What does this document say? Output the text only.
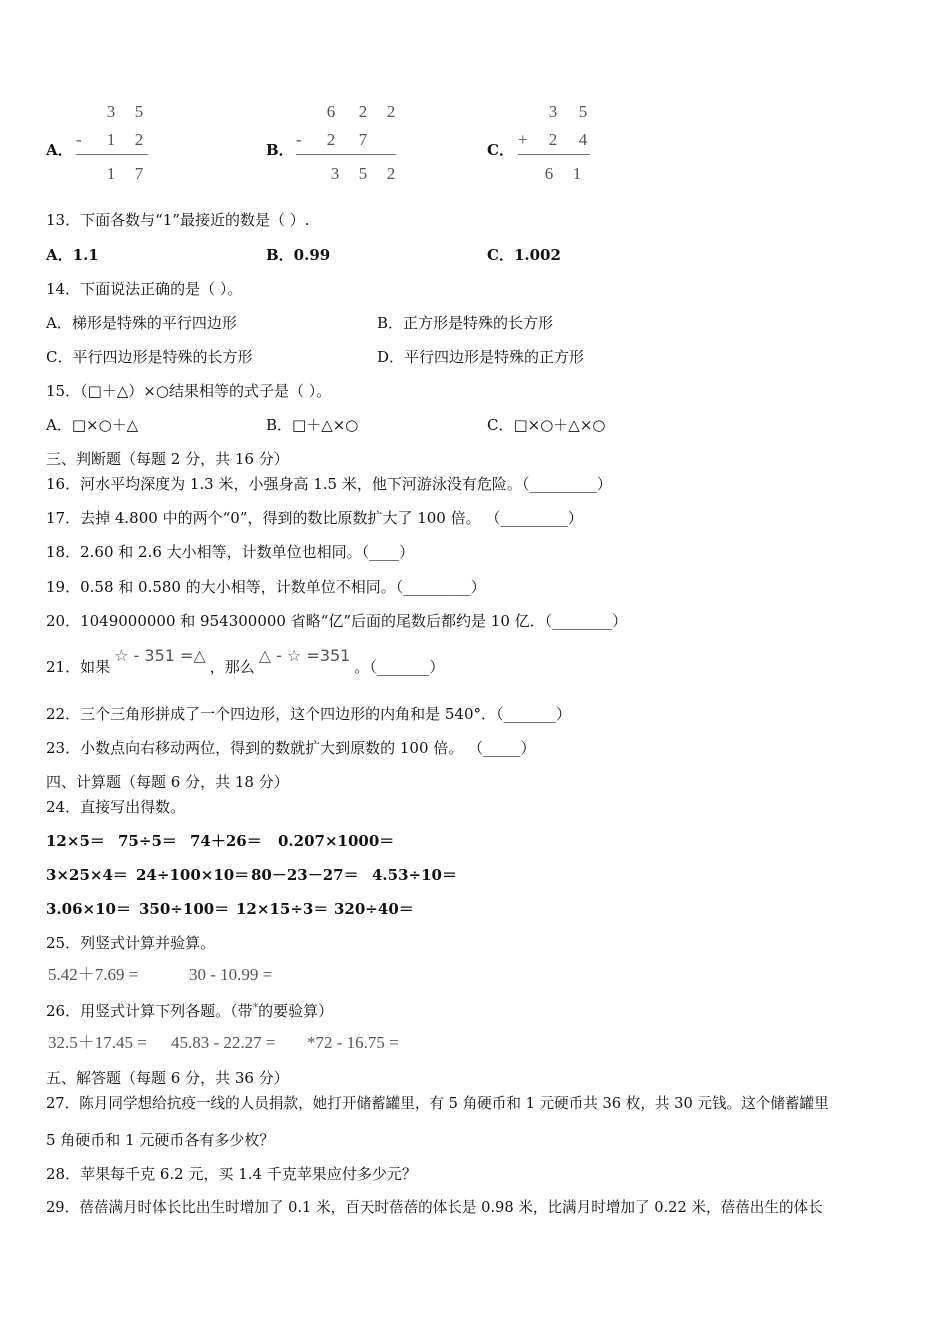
A．
3	5
-	1	2
1	7
B．
6	2	2
-	2	7
3	5	2
C．
3	5
+	2	4
6	1
13．下面各数与“1”最接近的数是（ ）.
A．1.1	B．0.99	C．1.002
14．下面说法正确的是（ ）。
A．梯形是特殊的平行四边形	B．正方形是特殊的长方形
C．平行四边形是特殊的长方形	D．平行四边形是特殊的正方形
15．（□＋△）×○结果相等的式子是（ ）。
A．□×○＋△	B．□＋△×○	C．□×○＋△×○
三、判断题（每题 2 分，共 16 分）
16．河水平均深度为 1.3 米，小强身高 1.5 米，他下河游泳没有危险。（_________）
17．去掉 4.800 中的两个“0”，得到的数比原数扩大了 100 倍。 （_________）
18．2.60 和 2.6 大小相等，计数单位也相同。（____）
19．0.58 和 0.580 的大小相等，计数单位不相同。（_________）
20．1049000000 和 954300000 省略“亿”后面的尾数后都约是 10 亿．（________）
21．如果☆ - 351 =△，那么△ - ☆ =351。（_______）
22．三个三角形拼成了一个四边形，这个四边形的内角和是 540°．（_______）
23．小数点向右移动两位，得到的数就扩大到原数的 100 倍。 （_____）
四、计算题（每题 6 分，共 18 分）
24．直接写出得数。
12×5＝ 75÷5＝ 74＋26＝ 0.207×1000＝
3×25×4＝ 24÷100×10＝ 80－23－27＝ 4.53÷10＝
3.06×10＝ 350÷100＝ 12×15÷3＝ 320÷40＝
25．列竖式计算并验算。
5.42＋7.69 =	30 - 10.99 =
26．用竖式计算下列各题。（带*的要验算）
32.5＋17.45 = 45.83 - 22.27 = *72 - 16.75 =
五、解答题（每题 6 分，共 36 分）
27．陈月同学想给抗疫一线的人员捐款，她打开储蓄罐里，有 5 角硬币和 1 元硬币共 36 枚，共 30 元钱。这个储蓄罐里
5 角硬币和 1 元硬币各有多少枚？
28．苹果每千克 6.2 元，买 1.4 千克苹果应付多少元？
29．蓓蓓满月时体长比出生时增加了 0.1 米，百天时蓓蓓的体长是 0.98 米，比满月时增加了 0.22 米，蓓蓓出生的体长
